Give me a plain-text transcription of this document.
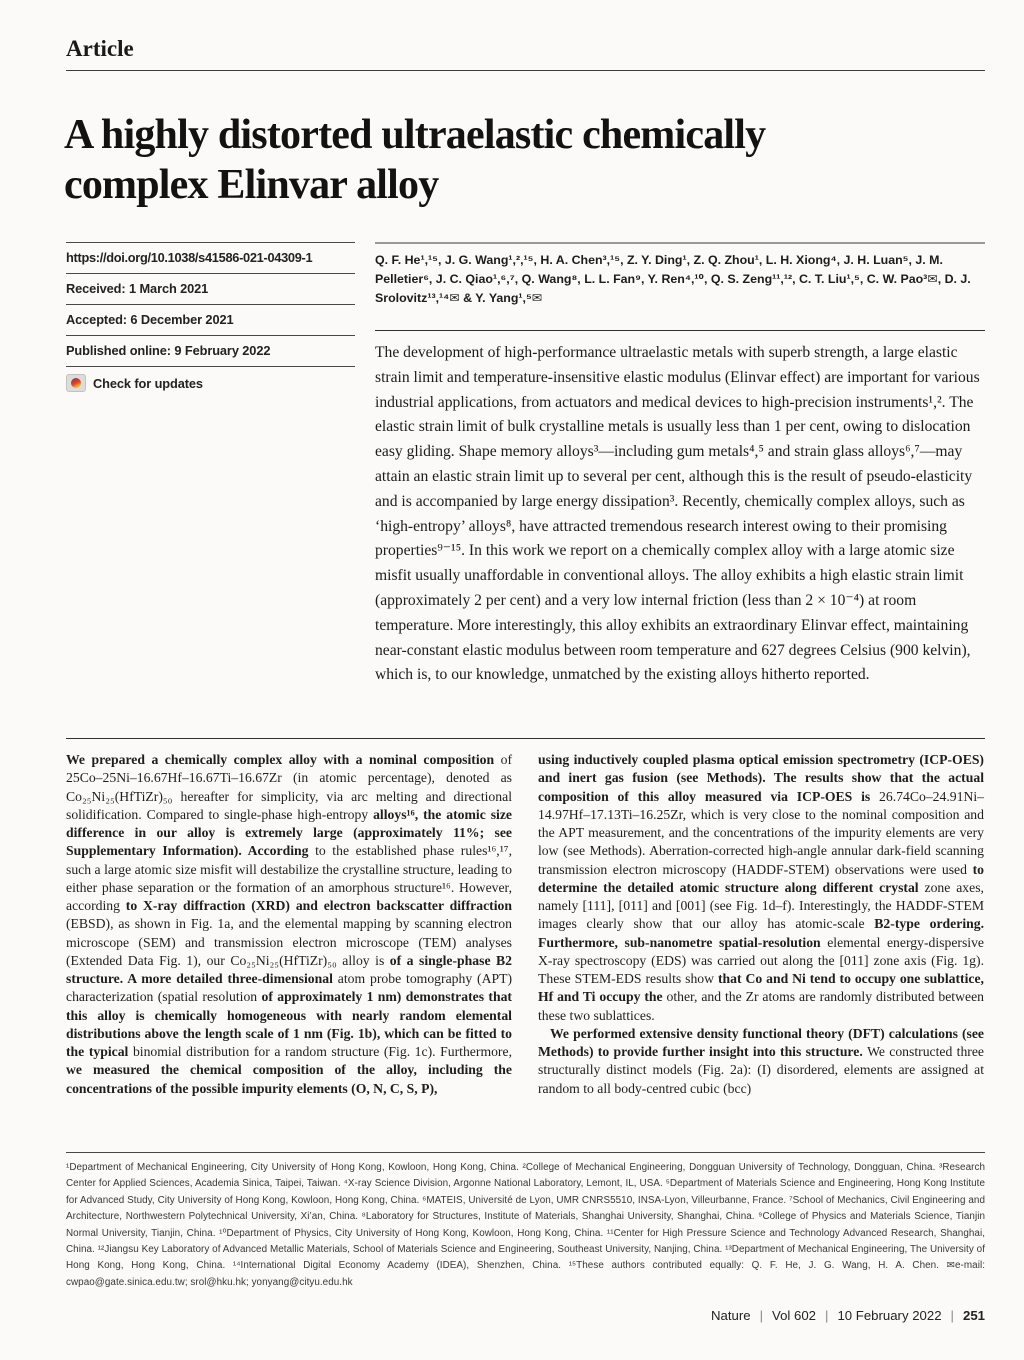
Article
A highly distorted ultraelastic chemically
complex Elinvar alloy
https://doi.org/10.1038/s41586-021-04309-1
Received: 1 March 2021
Accepted: 6 December 2021
Published online: 9 February 2022
Check for updates
Q. F. He¹,¹⁵, J. G. Wang¹,²,¹⁵, H. A. Chen³,¹⁵, Z. Y. Ding¹, Z. Q. Zhou¹, L. H. Xiong⁴, J. H. Luan⁵, J. M. Pelletier⁶, J. C. Qiao¹,⁶,⁷, Q. Wang⁸, L. L. Fan⁹, Y. Ren⁴,¹⁰, Q. S. Zeng¹¹,¹², C. T. Liu¹,⁵, C. W. Pao³✉, D. J. Srolovitz¹³,¹⁴✉ & Y. Yang¹,⁵✉
The development of high-performance ultraelastic metals with superb strength, a large elastic strain limit and temperature-insensitive elastic modulus (Elinvar effect) are important for various industrial applications, from actuators and medical devices to high-precision instruments¹,². The elastic strain limit of bulk crystalline metals is usually less than 1 per cent, owing to dislocation easy gliding. Shape memory alloys³—including gum metals⁴,⁵ and strain glass alloys⁶,⁷—may attain an elastic strain limit up to several per cent, although this is the result of pseudo-elasticity and is accompanied by large energy dissipation³. Recently, chemically complex alloys, such as ‘high-entropy’ alloys⁸, have attracted tremendous research interest owing to their promising properties⁹⁻¹⁵. In this work we report on a chemically complex alloy with a large atomic size misfit usually unaffordable in conventional alloys. The alloy exhibits a high elastic strain limit (approximately 2 per cent) and a very low internal friction (less than 2 × 10⁻⁴) at room temperature. More interestingly, this alloy exhibits an extraordinary Elinvar effect, maintaining near-constant elastic modulus between room temperature and 627 degrees Celsius (900 kelvin), which is, to our knowledge, unmatched by the existing alloys hitherto reported.

We prepared a chemically complex alloy with a nominal composition of 25Co–25Ni–16.67Hf–16.67Ti–16.67Zr (in atomic percentage), denoted as Co₂₅Ni₂₅(HfTiZr)₅₀ hereafter for simplicity, via arc melting and directional solidification. Compared to single-phase high-entropy alloys¹⁶, the atomic size difference in our alloy is extremely large (approximately 11%; see Supplementary Information). According to the established phase rules¹⁶,¹⁷, such a large atomic size misfit will destabilize the crystalline structure, leading to either phase separation or the formation of an amorphous structure¹⁶. However, according to X-ray diffraction (XRD) and electron backscatter diffraction (EBSD), as shown in Fig. 1a, and the elemental mapping by scanning electron microscope (SEM) and transmission electron microscope (TEM) analyses (Extended Data Fig. 1), our Co₂₅Ni₂₅(HfTiZr)₅₀ alloy is of a single-phase B2 structure. A more detailed three-dimensional atom probe tomography (APT) characterization (spatial resolution of approximately 1 nm) demonstrates that this alloy is chemically homogeneous with nearly random elemental distributions above the length scale of 1 nm (Fig. 1b), which can be fitted to the typical binomial distribution for a random structure (Fig. 1c). Furthermore, we measured the chemical composition of the alloy, including the concentrations of the possible impurity elements (O, N, C, S, P),

using inductively coupled plasma optical emission spectrometry (ICP-OES) and inert gas fusion (see Methods). The results show that the actual composition of this alloy measured via ICP-OES is 26.74Co–24.91Ni–14.97Hf–17.13Ti–16.25Zr, which is very close to the nominal composition and the APT measurement, and the concentrations of the impurity elements are very low (see Methods). Aberration-corrected high-angle annular dark-field scanning transmission electron microscopy (HADDF-STEM) observations were used to determine the detailed atomic structure along different crystal zone axes, namely [111], [011] and [001] (see Fig. 1d–f). Interestingly, the HADDF-STEM images clearly show that our alloy has atomic-scale B2-type ordering. Furthermore, sub-nanometre spatial-resolution elemental energy-dispersive X-ray spectroscopy (EDS) was carried out along the [011] zone axis (Fig. 1g). These STEM-EDS results show that Co and Ni tend to occupy one sublattice, Hf and Ti occupy the other, and the Zr atoms are randomly distributed between these two sublattices.

We performed extensive density functional theory (DFT) calculations (see Methods) to provide further insight into this structure. We constructed three structurally distinct models (Fig. 2a): (I) disordered, elements are assigned at random to all body-centred cubic (bcc)

¹Department of Mechanical Engineering, City University of Hong Kong, Kowloon, Hong Kong, China. ²College of Mechanical Engineering, Dongguan University of Technology, Dongguan, China. ³Research Center for Applied Sciences, Academia Sinica, Taipei, Taiwan. ⁴X-ray Science Division, Argonne National Laboratory, Lemont, IL, USA. ⁵Department of Materials Science and Engineering, Hong Kong Institute for Advanced Study, City University of Hong Kong, Kowloon, Hong Kong, China. ⁶MATEIS, Université de Lyon, UMR CNRS5510, INSA-Lyon, Villeurbanne, France. ⁷School of Mechanics, Civil Engineering and Architecture, Northwestern Polytechnical University, Xi’an, China. ⁸Laboratory for Structures, Institute of Materials, Shanghai University, Shanghai, China. ⁹College of Physics and Materials Science, Tianjin Normal University, Tianjin, China. ¹⁰Department of Physics, City University of Hong Kong, Kowloon, Hong Kong, China. ¹¹Center for High Pressure Science and Technology Advanced Research, Shanghai, China. ¹²Jiangsu Key Laboratory of Advanced Metallic Materials, School of Materials Science and Engineering, Southeast University, Nanjing, China. ¹³Department of Mechanical Engineering, The University of Hong Kong, Hong Kong, China. ¹⁴International Digital Economy Academy (IDEA), Shenzhen, China. ¹⁵These authors contributed equally: Q. F. He, J. G. Wang, H. A. Chen. ✉e-mail: cwpao@gate.sinica.edu.tw; srol@hku.hk; yonyang@cityu.edu.hk
Nature | Vol 602 | 10 February 2022 | 251
